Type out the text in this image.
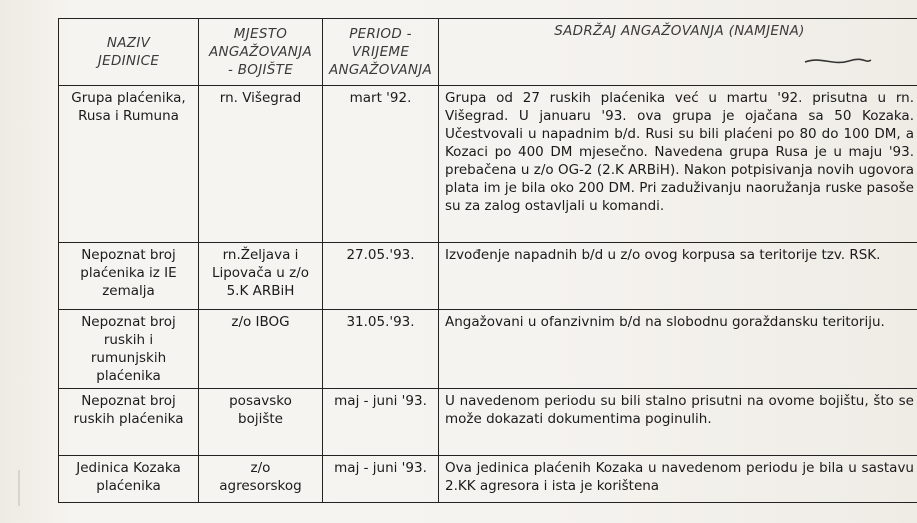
NAZIV
JEDINICE	MJESTO
ANGAŽOVANJA
- BOJIŠTE	PERIOD -
VRIJEME
ANGAŽOVANJA	SADRŽAJ ANGAŽOVANJA (NAMJENA)

Grupa plaćenika,
Rusa i Rumuna	rn. Višegrad	mart '92.	Grupa od 27 ruskih plaćenika već u martu '92. prisutna u rn. Višegrad. U januaru '93. ova grupa je ojačana sa 50 Kozaka. Učestvovali u napadnim b/d. Rusi su bili plaćeni po 80 do 100 DM, a Kozaci po 400 DM mjesečno. Navedena grupa Rusa je u maju '93. prebačena u z/o OG-2 (2.K ARBiH). Nakon potpisivanja novih ugovora plata im je bila oko 200 DM. Pri zaduživanju naoružanja ruske pasoše su za zalog ostavljali u komandi.

Nepoznat broj
plaćenika iz IE
zemalja	rn.Željava i
Lipovača u z/o
5.K ARBiH	27.05.'93.	Izvođenje napadnih b/d u z/o ovog korpusa sa teritorije tzv. RSK.

Nepoznat broj
ruskih i
rumunjskih
plaćenika	z/o IBOG	31.05.'93.	Angažovani u ofanzivnim b/d na slobodnu goraždansku teritoriju.

Nepoznat broj
ruskih plaćenika	posavsko
bojište	maj - juni '93.	U navedenom periodu su bili stalno prisutni na ovome bojištu, što se može dokazati dokumentima poginulih.

Jedinica Kozaka
plaćenika	z/o
agresorskog	maj - juni '93.	Ova jedinica plaćenih Kozaka u navedenom periodu je bila u sastavu 2.KK agresora i ista je korištena
